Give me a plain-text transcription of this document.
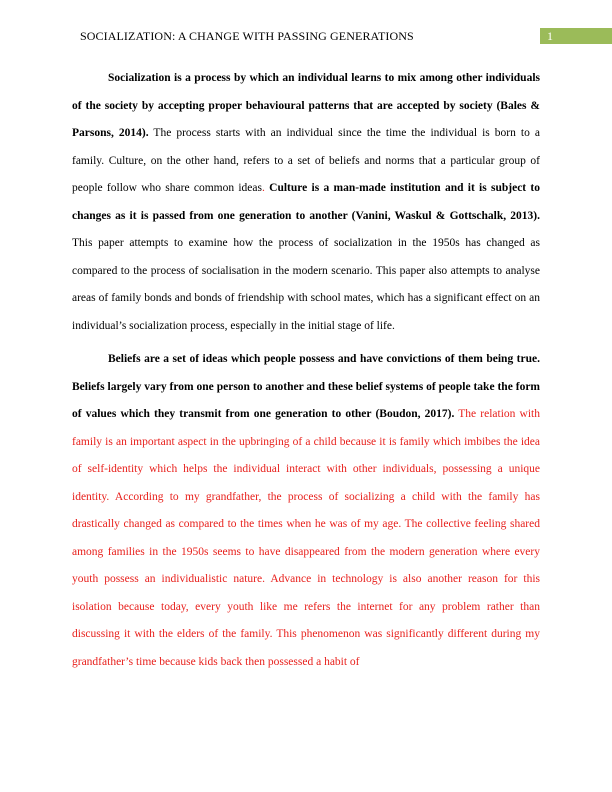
SOCIALIZATION: A CHANGE WITH PASSING GENERATIONS	1

Socialization is a process by which an individual learns to mix among other individuals of the society by accepting proper behavioural patterns that are accepted by society (Bales & Parsons, 2014). The process starts with an individual since the time the individual is born to a family. Culture, on the other hand, refers to a set of beliefs and norms that a particular group of people follow who share common ideas. Culture is a man-made institution and it is subject to changes as it is passed from one generation to another (Vanini, Waskul & Gottschalk, 2013). This paper attempts to examine how the process of socialization in the 1950s has changed as compared to the process of socialisation in the modern scenario. This paper also attempts to analyse areas of family bonds and bonds of friendship with school mates, which has a significant effect on an individual’s socialization process, especially in the initial stage of life.

Beliefs are a set of ideas which people possess and have convictions of them being true. Beliefs largely vary from one person to another and these belief systems of people take the form of values which they transmit from one generation to other (Boudon, 2017). The relation with family is an important aspect in the upbringing of a child because it is family which imbibes the idea of self-identity which helps the individual interact with other individuals, possessing a unique identity. According to my grandfather, the process of socializing a child with the family has drastically changed as compared to the times when he was of my age. The collective feeling shared among families in the 1950s seems to have disappeared from the modern generation where every youth possess an individualistic nature. Advance in technology is also another reason for this isolation because today, every youth like me refers the internet for any problem rather than discussing it with the elders of the family. This phenomenon was significantly different during my grandfather’s time because kids back then possessed a habit of
